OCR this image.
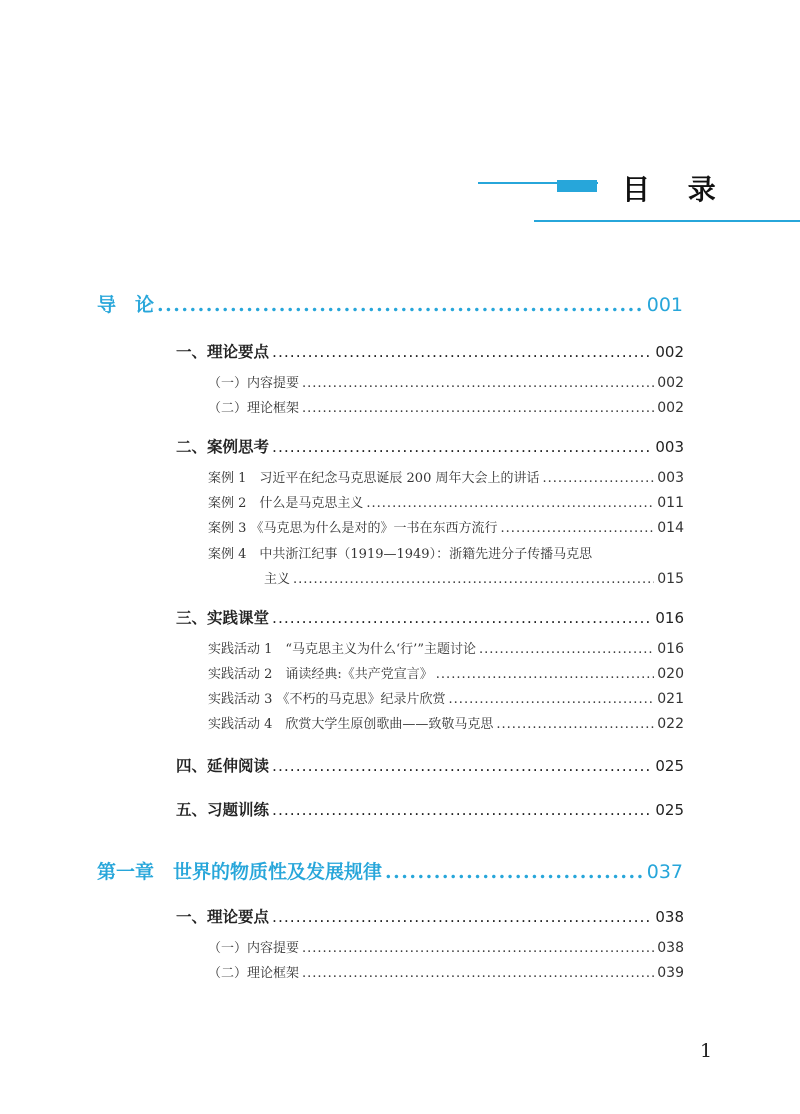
目 录
导　论 .....	001
一、理论要点 .....	002
（一）内容提要 .....	002
（二）理论框架 .....	002
二、案例思考 .....	003
案例 1　习近平在纪念马克思诞辰 200 周年大会上的讲话 .....	003
案例 2　什么是马克思主义 .....	011
案例 3 《马克思为什么是对的》一书在东西方流行 .....	014
案例 4　中共浙江纪事（1919—1949）：浙籍先进分子传播马克思
主义 .....	015
三、实践课堂 .....	016
实践活动 1　“马克思主义为什么‘行’”主题讨论 .....	016
实践活动 2　诵读经典:《共产党宣言》 .....	020
实践活动 3 《不朽的马克思》纪录片欣赏 .....	021
实践活动 4　欣赏大学生原创歌曲——致敬马克思 .....	022
四、延伸阅读 .....	025
五、习题训练 .....	025
第一章　世界的物质性及发展规律 .....	037
一、理论要点 .....	038
（一）内容提要 .....	038
（二）理论框架 .....	039
1
